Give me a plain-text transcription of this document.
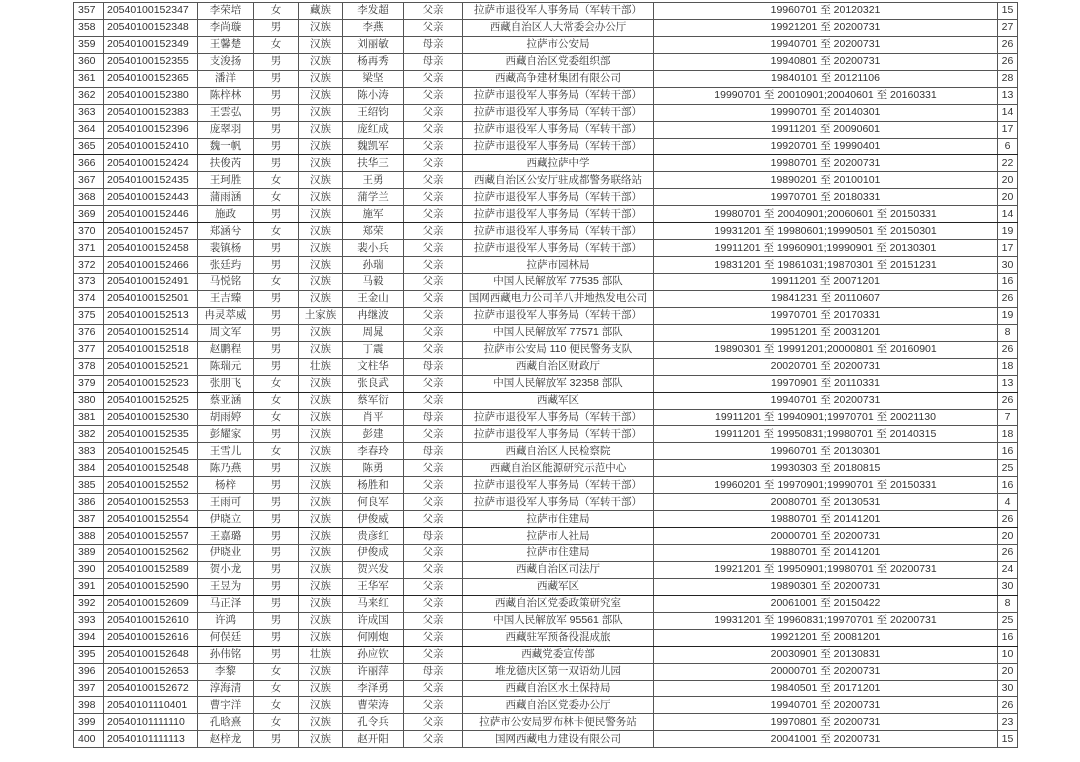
357	20540100152347	李荣培	女	藏族	李发超	父亲	拉萨市退役军人事务局（军转干部）	19960701 至 20120321	15
358	20540100152348	李尚璇	男	汉族	李燕	父亲	西藏自治区人大常委会办公厅	19921201 至 20200731	27
359	20540100152349	王馨楚	女	汉族	刘丽敏	母亲	拉萨市公安局	19940701 至 20200731	26
360	20540100152355	支浚扬	男	汉族	杨再秀	母亲	西藏自治区党委组织部	19940801 至 20200731	26
361	20540100152365	潘洋	男	汉族	梁坚	父亲	西藏高争建材集团有限公司	19840101 至 20121106	28
362	20540100152380	陈梓林	男	汉族	陈小涛	父亲	拉萨市退役军人事务局（军转干部）	19990701 至 20010901;20040601 至 20160331	13
363	20540100152383	王雲弘	男	汉族	王绍钧	父亲	拉萨市退役军人事务局（军转干部）	19990701 至 20140301	14
364	20540100152396	庞翠羽	男	汉族	庞红成	父亲	拉萨市退役军人事务局（军转干部）	19911201 至 20090601	17
365	20540100152410	魏一帆	男	汉族	魏凯军	父亲	拉萨市退役军人事务局（军转干部）	19920701 至 19990401	6
366	20540100152424	扶俊芮	男	汉族	扶华三	父亲	西藏拉萨中学	19980701 至 20200731	22
367	20540100152435	王珂胜	女	汉族	王勇	父亲	西藏自治区公安厅驻成都警务联络站	19890201 至 20100101	20
368	20540100152443	蒲雨涵	女	汉族	蒲学兰	父亲	拉萨市退役军人事务局（军转干部）	19970701 至 20180331	20
369	20540100152446	施政	男	汉族	施军	父亲	拉萨市退役军人事务局（军转干部）	19980701 至 20040901;20060601 至 20150331	14
370	20540100152457	郑涵兮	女	汉族	郑荣	父亲	拉萨市退役军人事务局（军转干部）	19931201 至 19980601;19990501 至 20150301	19
371	20540100152458	裴镇杨	男	汉族	裴小兵	父亲	拉萨市退役军人事务局（军转干部）	19911201 至 19960901;19990901 至 20130301	17
372	20540100152466	张廷玙	男	汉族	孙瑞	父亲	拉萨市园林局	19831201 至 19861031;19870301 至 20151231	30
373	20540100152491	马悦铭	女	汉族	马毅	父亲	中国人民解放军 77535 部队	19911201 至 20071201	16
374	20540100152501	王吉臻	男	汉族	王金山	父亲	国网西藏电力公司羊八井地热发电公司	19841231 至 20110607	26
375	20540100152513	冉灵萃威	男	土家族	冉继波	父亲	拉萨市退役军人事务局（军转干部）	19970701 至 20170331	19
376	20540100152514	周文军	男	汉族	周晁	父亲	中国人民解放军 77571 部队	19951201 至 20031201	8
377	20540100152518	赵鹏程	男	汉族	丁震	父亲	拉萨市公安局 110 便民警务支队	19890301 至 19991201;20000801 至 20160901	26
378	20540100152521	陈瑞元	男	壮族	文柱华	母亲	西藏自治区财政厅	20020701 至 20200731	18
379	20540100152523	张朋飞	女	汉族	张良武	父亲	中国人民解放军 32358 部队	19970901 至 20110331	13
380	20540100152525	蔡亚涵	女	汉族	蔡军衍	父亲	西藏军区	19940701 至 20200731	26
381	20540100152530	胡雨婷	女	汉族	肖平	母亲	拉萨市退役军人事务局（军转干部）	19911201 至 19940901;19970701 至 20021130	7
382	20540100152535	彭耀家	男	汉族	彭建	父亲	拉萨市退役军人事务局（军转干部）	19911201 至 19950831;19980701 至 20140315	18
383	20540100152545	王雪儿	女	汉族	李春玲	母亲	西藏自治区人民检察院	19960701 至 20130301	16
384	20540100152548	陈乃燕	男	汉族	陈勇	父亲	西藏自治区能源研究示范中心	19930303 至 20180815	25
385	20540100152552	杨梓	男	汉族	杨胜和	父亲	拉萨市退役军人事务局（军转干部）	19960201 至 19970901;19990701 至 20150331	16
386	20540100152553	王雨可	男	汉族	何良军	父亲	拉萨市退役军人事务局（军转干部）	20080701 至 20130531	4
387	20540100152554	伊晓立	男	汉族	伊俊威	父亲	拉萨市住建局	19880701 至 20141201	26
388	20540100152557	王嘉璐	男	汉族	贵彦红	母亲	拉萨市人社局	20000701 至 20200731	20
389	20540100152562	伊晓业	男	汉族	伊俊成	父亲	拉萨市住建局	19880701 至 20141201	26
390	20540100152589	贺小龙	男	汉族	贺兴发	父亲	西藏自治区司法厅	19921201 至 19950901;19980701 至 20200731	24
391	20540100152590	王昱为	男	汉族	王华军	父亲	西藏军区	19890301 至 20200731	30
392	20540100152609	马正泽	男	汉族	马来红	父亲	西藏自治区党委政策研究室	20061001 至 20150422	8
393	20540100152610	许鸿	男	汉族	许成国	父亲	中国人民解放军 95561 部队	19931201 至 19960831;19970701 至 20200731	25
394	20540100152616	何俣廷	男	汉族	何刚炮	父亲	西藏驻军预备役混成旅	19921201 至 20081201	16
395	20540100152648	孙伟铭	男	壮族	孙应钦	父亲	西藏党委宣传部	20030901 至 20130831	10
396	20540100152653	李黎	女	汉族	许丽萍	母亲	堆龙德庆区第一双语幼儿园	20000701 至 20200731	20
397	20540100152672	淳海清	女	汉族	李泽勇	父亲	西藏自治区水土保持局	19840501 至 20171201	30
398	20540101110401	曹宇洋	女	汉族	曹荣涛	父亲	西藏自治区党委办公厅	19940701 至 20200731	26
399	20540101111110	孔晗熹	女	汉族	孔令兵	父亲	拉萨市公安局罗布林卡便民警务站	19970801 至 20200731	23
400	20540101111113	赵梓龙	男	汉族	赵开阳	父亲	国网西藏电力建设有限公司	20041001 至 20200731	15
